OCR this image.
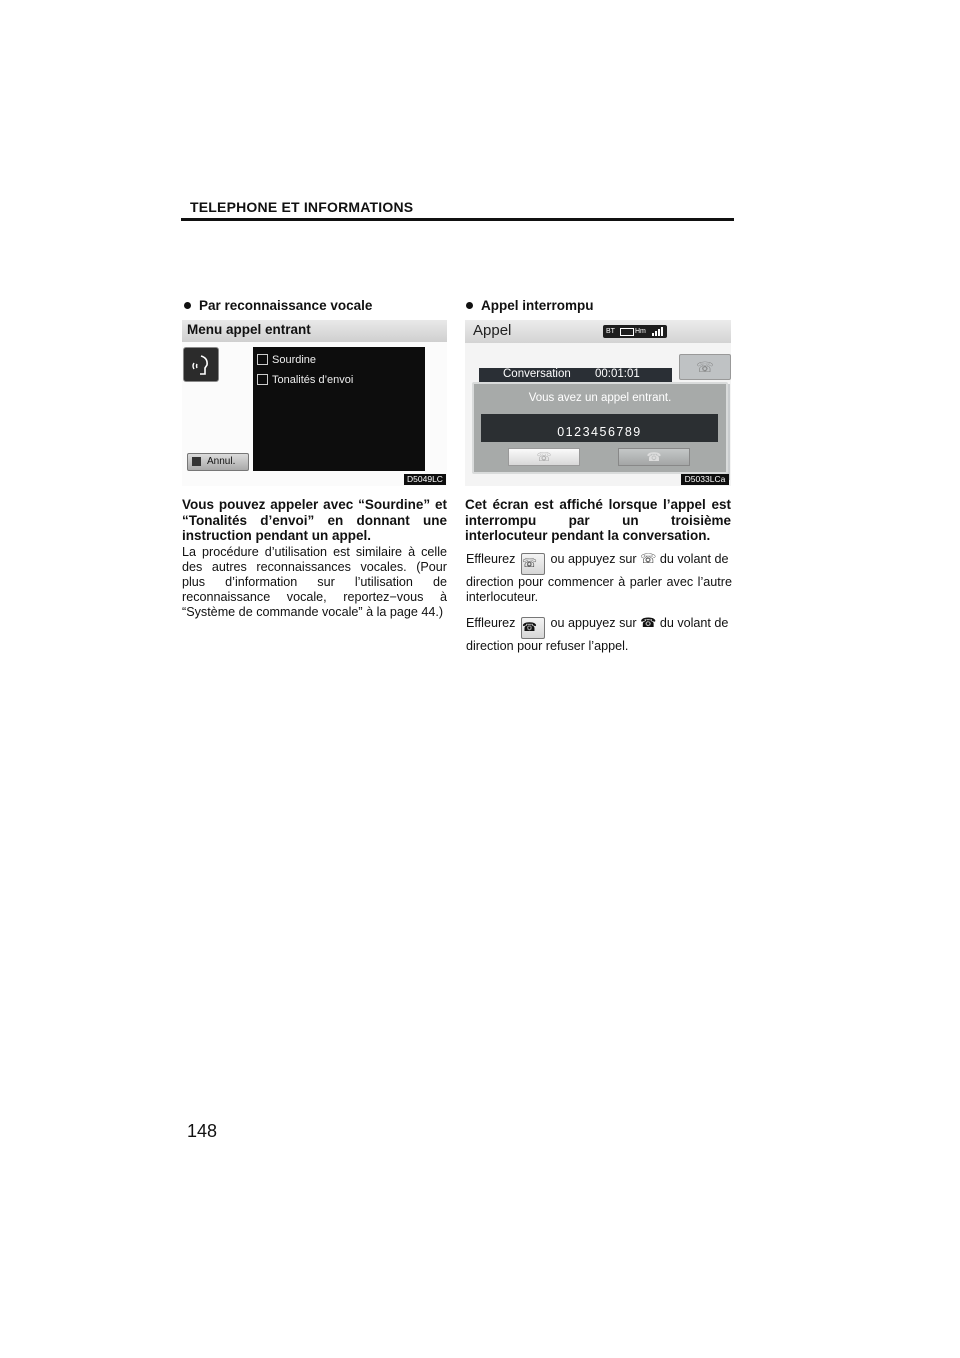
TELEPHONE ET INFORMATIONS
Par reconnaissance vocale
Menu appel entrant
Sourdine
Tonalités d’envoi
Annul.
D5049LC
Vous pouvez appeler avec “Sourdine” et “Tonalités d’envoi” en donnant une instruction pendant un appel.
La procédure d’utilisation est similaire à celle des autres reconnaissances vocales. (Pour plus d’information sur l’utilisation de reconnaissance vocale, reportez−vous à “Système de commande vocale” à la page 44.)
Appel interrompu
Appel	BT	Hm
Conversation 00:01:01	☏
Vous avez un appel entrant.
0123456789
☏	☎
D5033LCa
Cet écran est affiché lorsque l’appel est interrompu par un troisième interlocuteur pendant la conversation.
Effleurez ☏ ou appuyez sur ☏ du volant de
direction pour commencer à parler avec l’autre interlocuteur.
Effleurez ☎ ou appuyez sur ☎ du volant de
direction pour refuser l’appel.
148
